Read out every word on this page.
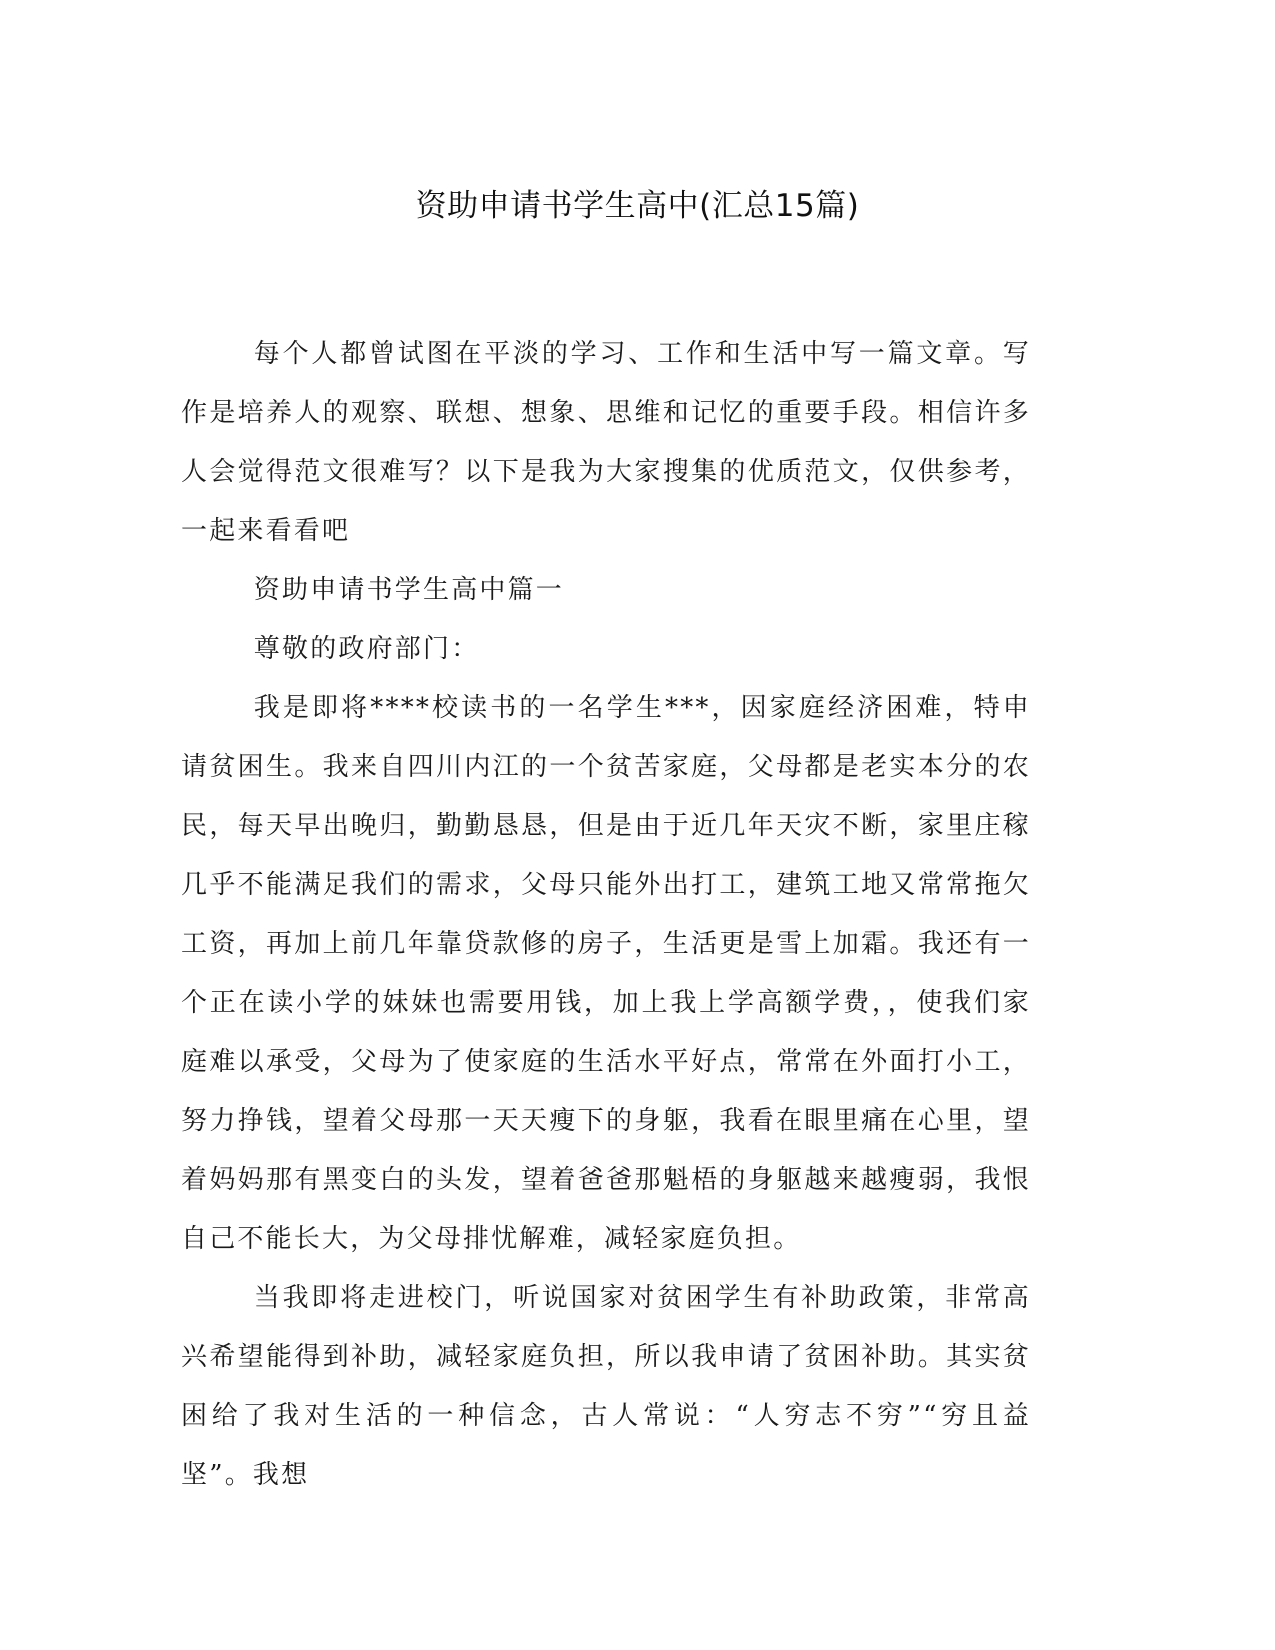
资助申请书学生高中(汇总15篇)

每个人都曾试图在平淡的学习、工作和生活中写一篇文章。写作是培养人的观察、联想、想象、思维和记忆的重要手段。相信许多人会觉得范文很难写？以下是我为大家搜集的优质范文，仅供参考，一起来看看吧

资助申请书学生高中篇一

尊敬的政府部门：

我是即将****校读书的一名学生***，因家庭经济困难，特申请贫困生。我来自四川内江的一个贫苦家庭，父母都是老实本分的农民，每天早出晚归，勤勤恳恳，但是由于近几年天灾不断，家里庄稼几乎不能满足我们的需求，父母只能外出打工，建筑工地又常常拖欠工资，再加上前几年靠贷款修的房子，生活更是雪上加霜。我还有一个正在读小学的妹妹也需要用钱，加上我上学高额学费，，使我们家庭难以承受，父母为了使家庭的生活水平好点，常常在外面打小工，努力挣钱，望着父母那一天天瘦下的身躯，我看在眼里痛在心里，望着妈妈那有黑变白的头发，望着爸爸那魁梧的身躯越来越瘦弱，我恨自己不能长大，为父母排忧解难，减轻家庭负担。

当我即将走进校门，听说国家对贫困学生有补助政策，非常高兴希望能得到补助，减轻家庭负担，所以我申请了贫困补助。其实贫困给了我对生活的一种信念，古人常说：“人穷志不穷”“穷且益坚”。我想
